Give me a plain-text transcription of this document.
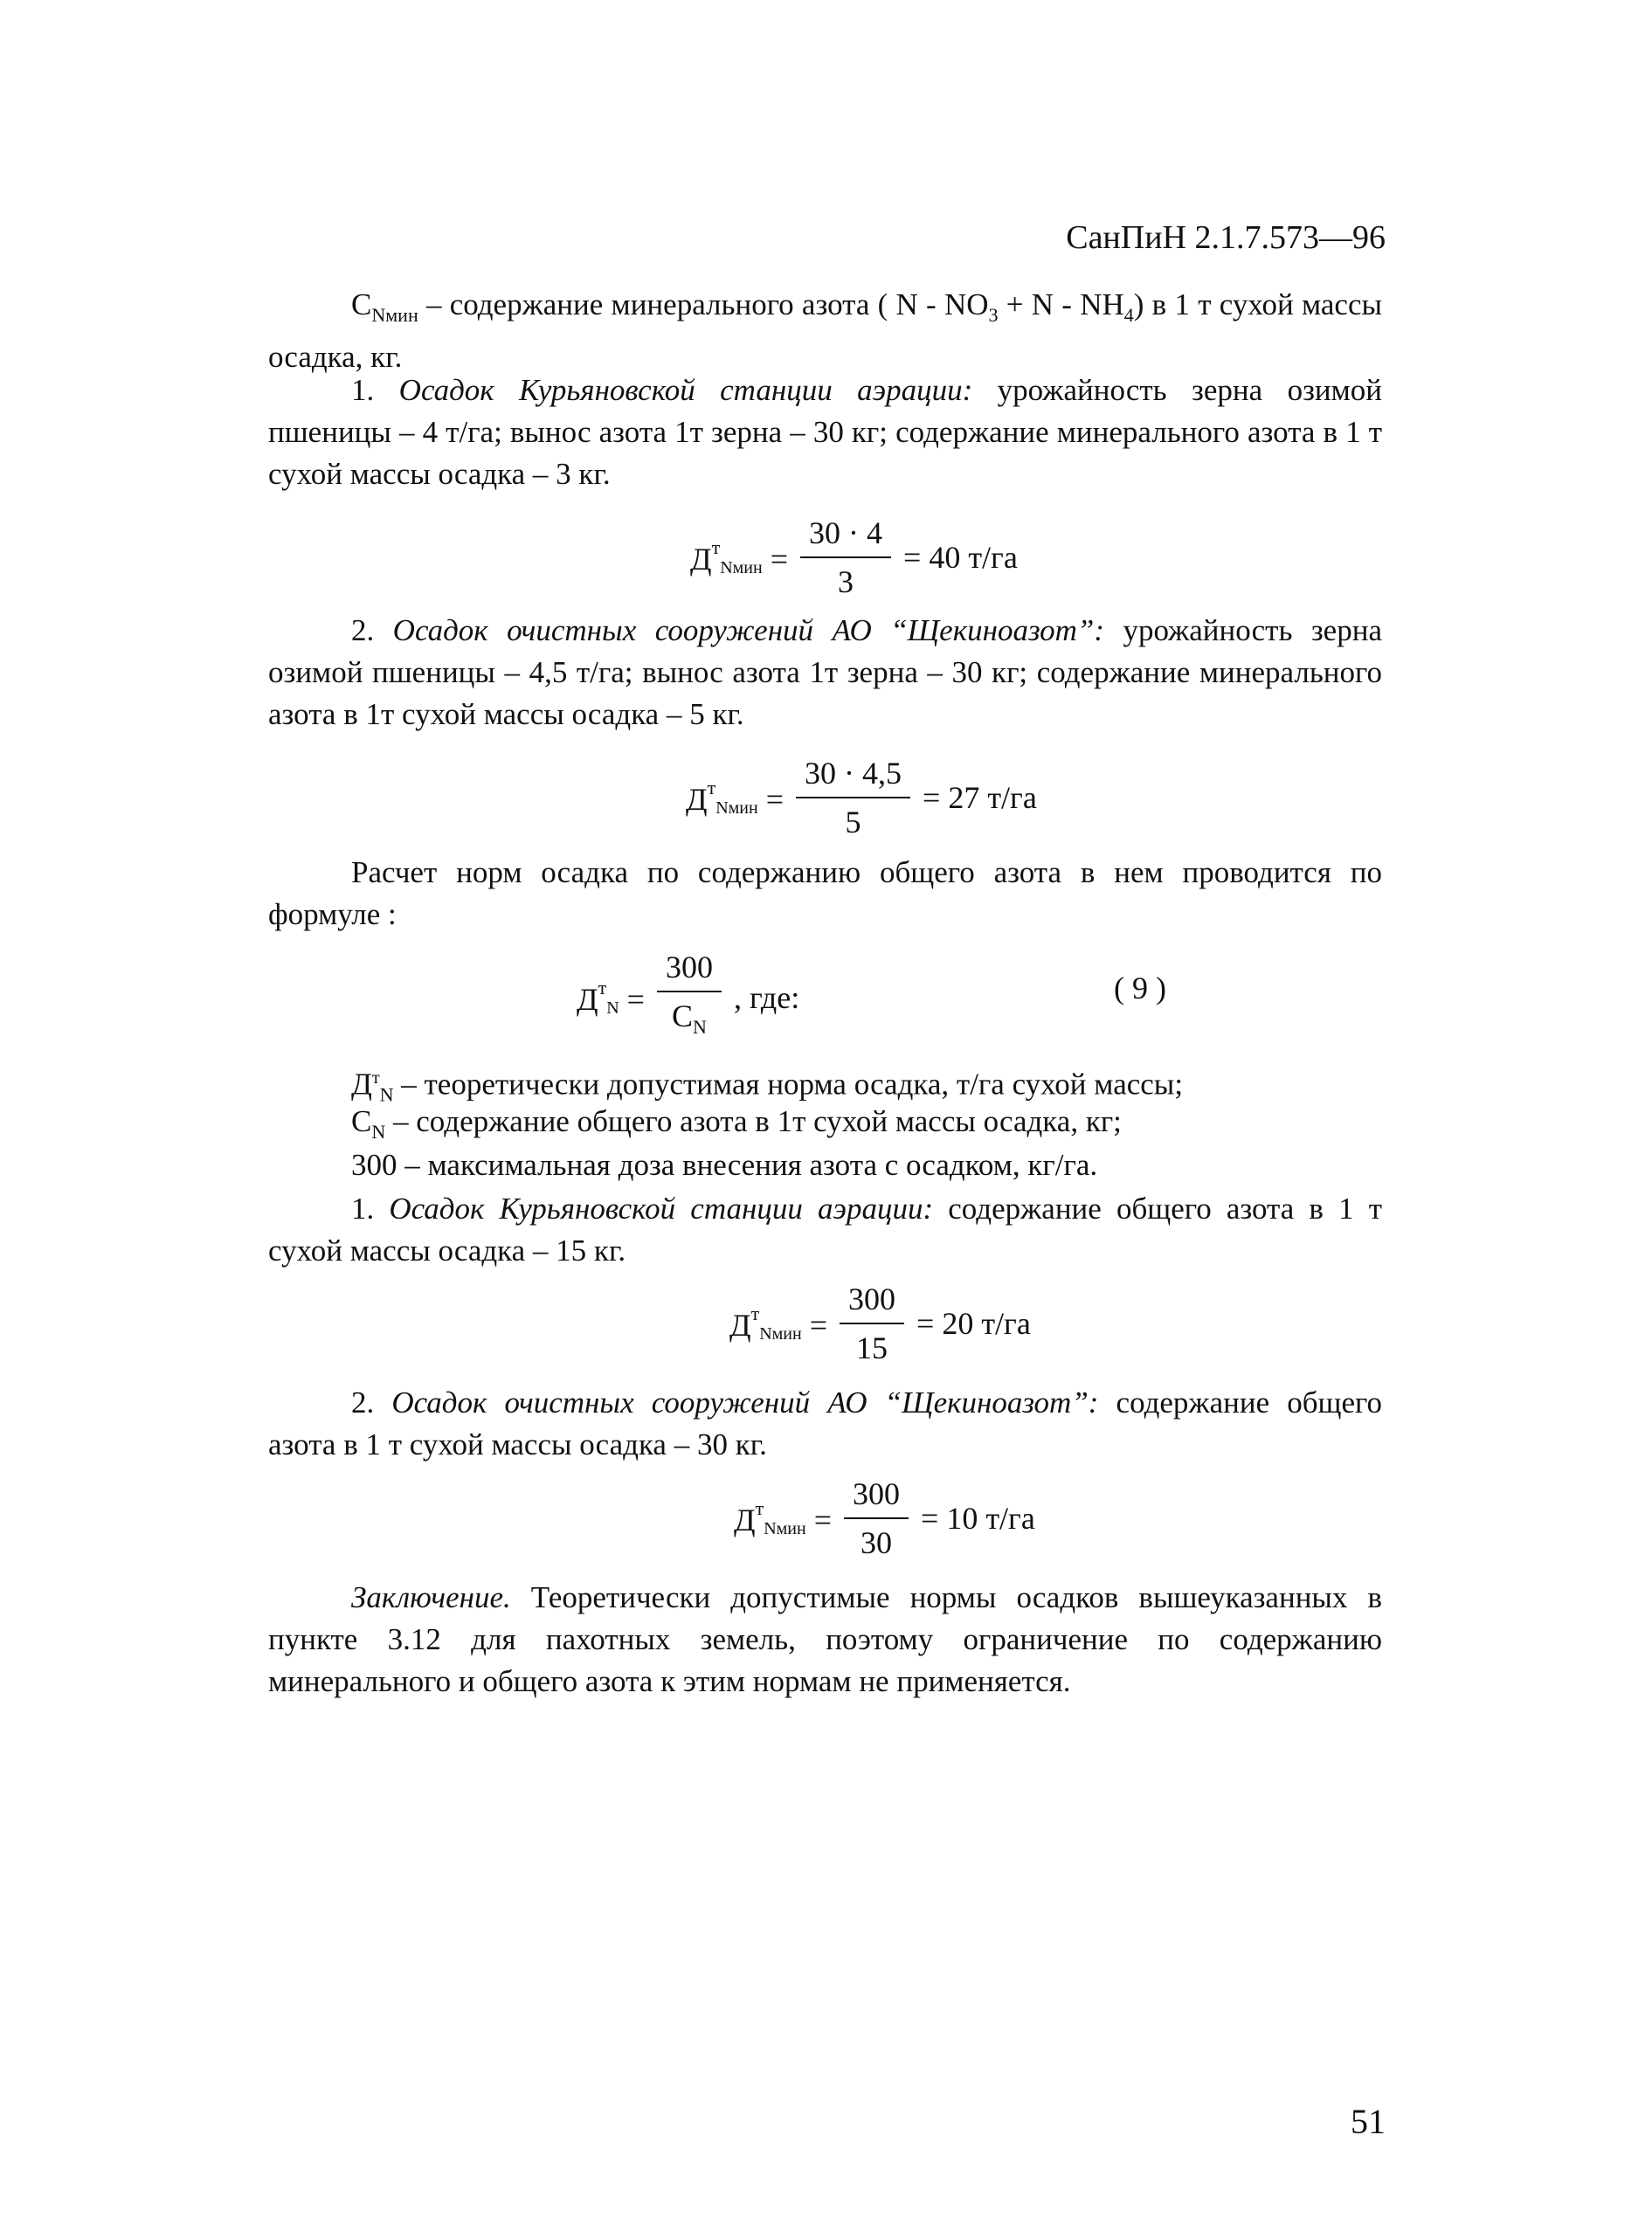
СанПиН 2.1.7.573—96
$C_{Nмин}$ – содержание минерального азота ( $N - NO_3 + N - NH_4$) в 1 т сухой массы осадка, кг.
1. Осадок Курьяновской станции аэрации: урожайность зерна озимой пшеницы – 4 т/га; вынос азота 1т зерна – 30 кг; содержание минерального азота в 1 т сухой массы осадка – 3 кг.
$Д^т_{Nмин} = \frac{30 \cdot 4}{3} = 40$ т/га
2. Осадок очистных сооружений АО “Щекиноазот”: урожайность зерна озимой пшеницы – 4,5 т/га; вынос азота 1т зерна – 30 кг; содержание минерального азота в 1т сухой массы осадка – 5 кг.
$Д^т_{Nмин} = \frac{30 \cdot 4,5}{5} = 27$ т/га
Расчет норм осадка по содержанию общего азота в нем проводится по формуле :
$Д^т_N = \frac{300}{C_N}$ , где:	( 9 )
$Д^т_N$ – теоретически допустимая норма осадка, т/га сухой массы;
$C_N$ – содержание общего азота в 1т сухой массы осадка, кг;
300 – максимальная доза внесения азота с осадком, кг/га.
1. Осадок Курьяновской станции аэрации: содержание общего азота в 1 т сухой массы осадка – 15 кг.
$Д^т_{Nмин} = \frac{300}{15} = 20$ т/га
2. Осадок очистных сооружений АО “Щекиноазот”: содержание общего азота в 1 т сухой массы осадка – 30 кг.
$Д^т_{Nмин} = \frac{300}{30} = 10$ т/га
Заключение. Теоретически допустимые нормы осадков вышеуказанных в пункте 3.12 для пахотных земель, поэтому ограничение по содержанию минерального и общего азота к этим нормам не применяется.
51
